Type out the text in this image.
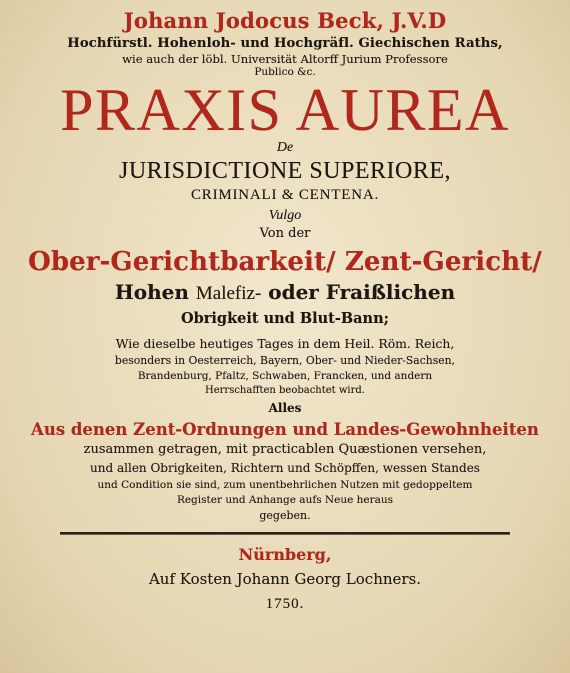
Johann Jodocus Beck, J.V.D
Hochfürstl. Hohenloh- und Hochgräfl. Giechischen Raths,
wie auch der löbl. Universität Altorff Jurium Professore
Publico &c.
PRAXIS AUREA
De
JURISDICTIONE SUPERIORE,
CRIMINALI & CENTENA.
Vulgo
Von der
Ober-Gerichtbarkeit/ Zent-Gericht/
Hohen Malefiz- oder Fraißlichen
Obrigkeit und Blut-Bann;
Wie dieselbe heutiges Tages in dem Heil. Röm. Reich,
besonders in Oesterreich, Bayern, Ober- und Nieder-Sachsen,
Brandenburg, Pfaltz, Schwaben, Francken, und andern
Herrschafften beobachtet wird.
Alles
Aus denen Zent-Ordnungen und Landes-Gewohnheiten
zusammen getragen, mit practicablen Quæstionen versehen,
und allen Obrigkeiten, Richtern und Schöpffen, wessen Standes
und Condition sie sind, zum unentbehrlichen Nutzen mit gedoppeltem
Register und Anhange aufs Neue heraus
gegeben.
Nürnberg,
Auf Kosten Johann Georg Lochners.
1750.
